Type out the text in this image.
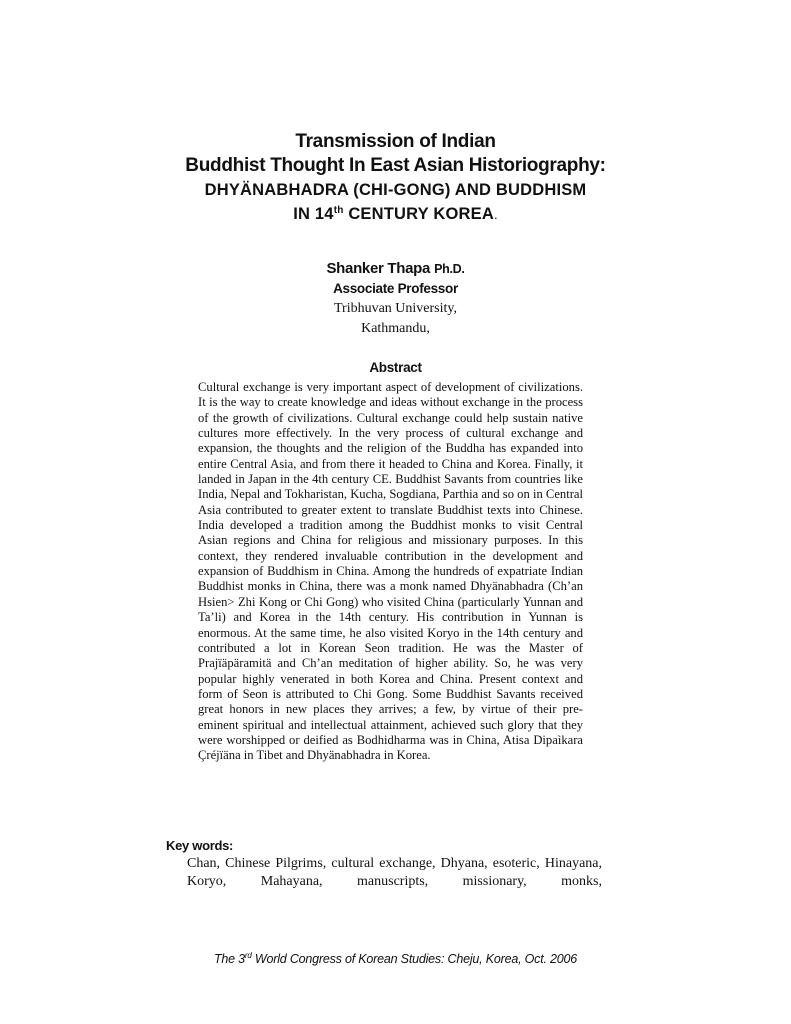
Transmission of Indian
Buddhist Thought In East Asian Historiography:
DHYÄNABHADRA (CHI-GONG) AND BUDDHISM
IN 14th CENTURY KOREA.
Shanker Thapa Ph.D.
Associate Professor
Tribhuvan University,
Kathmandu,
Abstract
Cultural exchange is very important aspect of development of civilizations. It is the way to create knowledge and ideas without exchange in the process of the growth of civilizations. Cultural exchange could help sustain native cultures more effectively. In the very process of cultural exchange and expansion, the thoughts and the religion of the Buddha has expanded into entire Central Asia, and from there it headed to China and Korea. Finally, it landed in Japan in the 4th century CE. Buddhist Savants from countries like India, Nepal and Tokharistan, Kucha, Sogdiana, Parthia and so on in Central Asia contributed to greater extent to translate Buddhist texts into Chinese. India developed a tradition among the Buddhist monks to visit Central Asian regions and China for religious and missionary purposes. In this context, they rendered invaluable contribution in the development and expansion of Buddhism in China. Among the hundreds of expatriate Indian Buddhist monks in China, there was a monk named Dhyänabhadra (Ch’an Hsien> Zhi Kong or Chi Gong) who visited China (particularly Yunnan and Ta’li) and Korea in the 14th century. His contribution in Yunnan is enormous. At the same time, he also visited Koryo in the 14th century and contributed a lot in Korean Seon tradition. He was the Master of Prajïäpäramitä and Ch’an meditation of higher ability. So, he was very popular highly venerated in both Korea and China. Present context and form of Seon is attributed to Chi Gong. Some Buddhist Savants received great honors in new places they arrives; a few, by virtue of their pre-eminent spiritual and intellectual attainment, achieved such glory that they were worshipped or deified as Bodhidharma was in China, Atisa Dipaìkara Çréjïäna in Tibet and Dhyänabhadra in Korea.
Key words:
Chan, Chinese Pilgrims, cultural exchange, Dhyana, esoteric, Hinayana, Koryo, Mahayana, manuscripts, missionary, monks,
The 3rd World Congress of Korean Studies: Cheju, Korea, Oct. 2006
